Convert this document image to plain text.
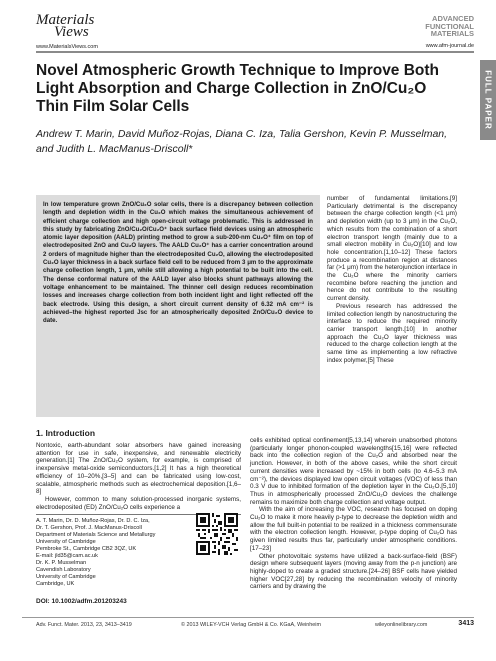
Materials
Views
www.MaterialsViews.com
ADVANCED
FUNCTIONAL
MATERIALS
www.afm-journal.de
FULL PAPER
Novel Atmospheric Growth Technique to Improve Both Light Absorption and Charge Collection in ZnO/Cu₂O Thin Film Solar Cells
Andrew T. Marin, David Muñoz-Rojas, Diana C. Iza, Talia Gershon, Kevin P. Musselman, and Judith L. MacManus-Driscoll*
In low temperature grown ZnO/Cu₂O solar cells, there is a discrepancy between collection length and depletion width in the Cu₂O which makes the simultaneous achievement of efficient charge collection and high open-circuit voltage problematic. This is addressed in this study by fabricating ZnO/Cu₂O/Cu₂O⁺ back surface field devices using an atmospheric atomic layer deposition (AALD) printing method to grow a sub-200-nm Cu₂O⁺ film on top of electrodeposited ZnO and Cu₂O layers. The AALD Cu₂O⁺ has a carrier concentration around 2 orders of magnitude higher than the electrodeposited Cu₂O, allowing the electrodeposited Cu₂O layer thickness in a back surface field cell to be reduced from 3 μm to the approximate charge collection length, 1 μm, while still allowing a high potential to be built into the cell. The dense conformal nature of the AALD layer also blocks shunt pathways allowing the voltage enhancement to be maintained. The thinner cell design reduces recombination losses and increases charge collection from both incident light and light reflected off the back electrode. Using this design, a short circuit current density of 6.32 mA cm⁻² is achieved–the highest reported Jsc for an atmospherically deposited ZnO/Cu₂O device to date.

number of fundamental limitations.[9] Particularly detrimental is the discrepancy between the charge collection length (<1 μm) and depletion width (up to 3 μm) in the Cu₂O, which results from the combination of a short electron transport length (mainly due to a small electron mobility in Cu₂O)[10] and low hole concentration.[1,10–12] These factors produce a recombination region at distances far (>1 μm) from the heterojunction interface in the Cu₂O where the minority carriers recombine before reaching the junction and hence do not contribute to the resulting current density.

Previous research has addressed the limited collection length by nanostructuring the interface to reduce the required minority carrier transport length.[10] In another approach the Cu₂O layer thickness was reduced to the charge collection length at the same time as implementing a low refractive index polymer,[5] These

1. Introduction

Nontoxic, earth-abundant solar absorbers have gained increasing attention for use in safe, inexpensive, and renewable electricity generation.[1] The ZnO/Cu₂O system, for example, is comprised of inexpensive metal-oxide semiconductors.[1,2] It has a high theoretical efficiency of 10–20%,[3–5] and can be fabricated using low-cost, scalable, atmospheric methods such as electrochemical deposition.[1,6–8]

However, common to many solution-processed inorganic systems, electrodeposited (ED) ZnO/Cu₂O cells experience a

cells exhibited optical confinement[5,13,14] wherein unabsorbed photons (particularly longer phonon-coupled wavelengths[15,16] were reflected back into the collection region of the Cu₂O and absorbed near the junction. However, in both of the above cases, while the short circuit current densities were increased by ~15% in both cells (to 4.6–5.3 mA cm⁻²), the devices displayed low open circuit voltages (VOC) of less than 0.3 V due to inhibited formation of the depletion layer in the Cu₂O.[5,10] Thus in atmospherically processed ZnO/Cu₂O devices the challenge remains to maximize both charge collection and voltage output.

With the aim of increasing the VOC, research has focused on doping Cu₂O to make it more heavily p-type to decrease the depletion width and allow the full built-in potential to be realized in a thickness commensurate with the electron collection length. However, p-type doping of Cu₂O has given limited results thus far, particularly under atmospheric conditions.[17–23]

Other photovoltaic systems have utilized a back-surface-field (BSF) design where subsequent layers (moving away from the p-n junction) are highly-doped to create a graded structure.[24–26] BSF cells have yielded higher VOC[27,28] by reducing the recombination velocity of minority carriers and by drawing the

A. T. Marin, Dr. D. Muñoz-Rojas, Dr. D. C. Iza,
Dr. T. Gershon, Prof. J. MacManus-Driscoll
Department of Materials Science and Metallurgy
University of Cambridge
Pembroke St., Cambridge CB2 3QZ, UK
E-mail: jld35@cam.ac.uk
Dr. K. P. Musselman
Cavendish Laboratory
University of Cambridge
Cambridge, UK
DOI: 10.1002/adfm.201203243
Adv. Funct. Mater. 2013, 23, 3413–3419	© 2013 WILEY-VCH Verlag GmbH & Co. KGaA, Weinheim	wileyonlinelibrary.com	3413
